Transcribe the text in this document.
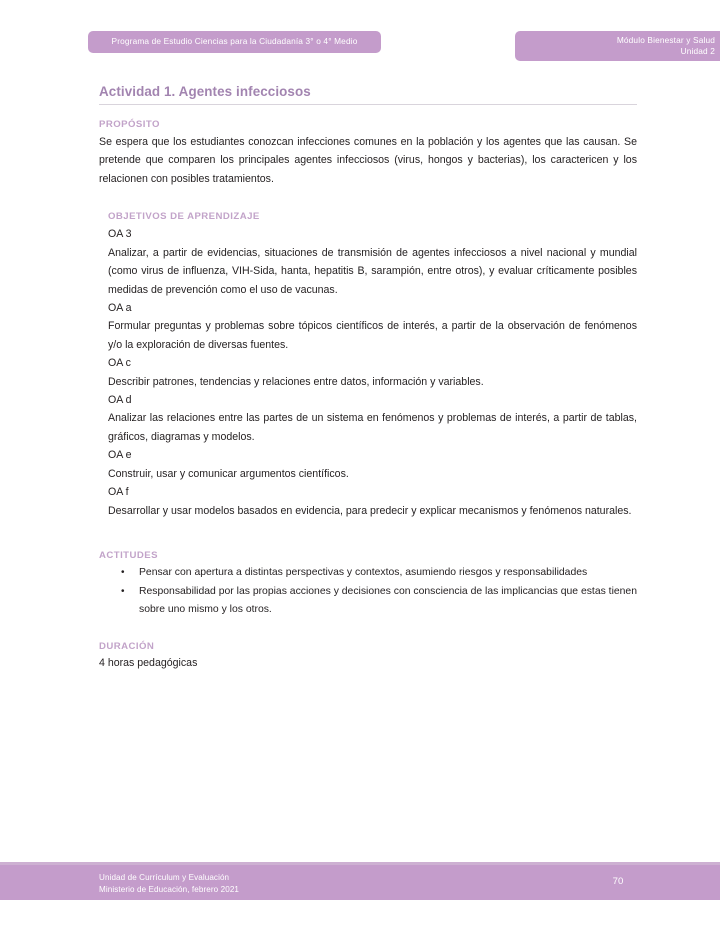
Programa de Estudio Ciencias para la Ciudadanía 3° o 4° Medio	Módulo Bienestar y Salud
Unidad 2
Actividad 1. Agentes infecciosos
PROPÓSITO

Se espera que los estudiantes conozcan infecciones comunes en la población y los agentes que las causan. Se pretende que comparen los principales agentes infecciosos (virus, hongos y bacterias), los caractericen y los relacionen con posibles tratamientos.

OBJETIVOS DE APRENDIZAJE
OA 3

Analizar, a partir de evidencias, situaciones de transmisión de agentes infecciosos a nivel nacional y mundial (como virus de influenza, VIH-Sida, hanta, hepatitis B, sarampión, entre otros), y evaluar críticamente posibles medidas de prevención como el uso de vacunas.

OA a

Formular preguntas y problemas sobre tópicos científicos de interés, a partir de la observación de fenómenos y/o la exploración de diversas fuentes.

OA c

Describir patrones, tendencias y relaciones entre datos, información y variables.

OA d

Analizar las relaciones entre las partes de un sistema en fenómenos y problemas de interés, a partir de tablas, gráficos, diagramas y modelos.

OA e

Construir, usar y comunicar argumentos científicos.

OA f

Desarrollar y usar modelos basados en evidencia, para predecir y explicar mecanismos y fenómenos naturales.

ACTITUDES
• Pensar con apertura a distintas perspectivas y contextos, asumiendo riesgos y responsabilidades
• Responsabilidad por las propias acciones y decisiones con consciencia de las implicancias que estas tienen sobre uno mismo y los otros.
DURACIÓN

4 horas pedagógicas

Unidad de Currículum y Evaluación
Ministerio de Educación, febrero 2021
70
